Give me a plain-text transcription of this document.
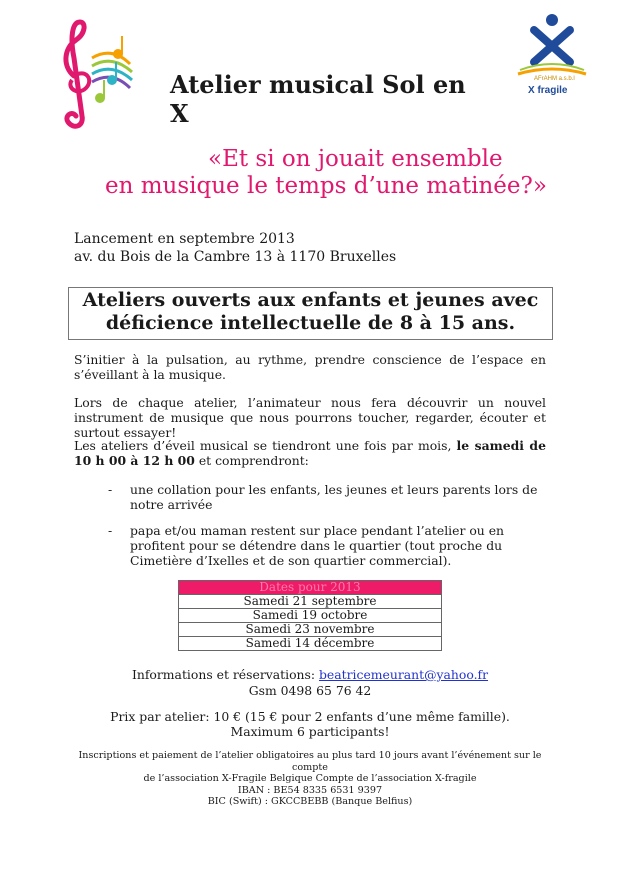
Atelier musical Sol en X
AFrAHM a.s.b.l
X fragile
«Et si on jouait ensemble
en musique le temps d’une matinée?»
Lancement en septembre 2013
av. du Bois de la Cambre 13 à 1170 Bruxelles
Ateliers ouverts aux enfants et jeunes avec
déficience intellectuelle de 8 à 15 ans.

S’initier à la pulsation, au rythme, prendre conscience de l’espace en s’éveillant à la musique.

Lors de chaque atelier, l’animateur nous fera découvrir un nouvel instrument de musique que nous pourrons toucher, regarder, écouter et surtout essayer!

Les ateliers d’éveil musical se tiendront une fois par mois, le samedi de 10 h 00 à 12 h 00 et comprendront:

- une collation pour les enfants, les jeunes et leurs parents lors de notre arrivée
- papa et/ou maman restent sur place pendant l’atelier ou en profitent pour se détendre dans le quartier (tout proche du Cimetière d’Ixelles et de son quartier commercial).
Dates pour 2013
Samedi 21 septembre
Samedi 19 octobre
Samedi 23 novembre
Samedi 14 décembre
Informations et réservations: beatricemeurant@yahoo.fr
Gsm 0498 65 76 42
Prix par atelier: 10 € (15 € pour 2 enfants d’une même famille).
Maximum 6 participants!
Inscriptions et paiement de l’atelier obligatoires au plus tard 10 jours avant l’événement sur le compte
de l’association X-Fragile Belgique Compte de l’association X-fragile
IBAN : BE54 8335 6531 9397
BIC (Swift) : GKCCBEBB (Banque Belfius)
